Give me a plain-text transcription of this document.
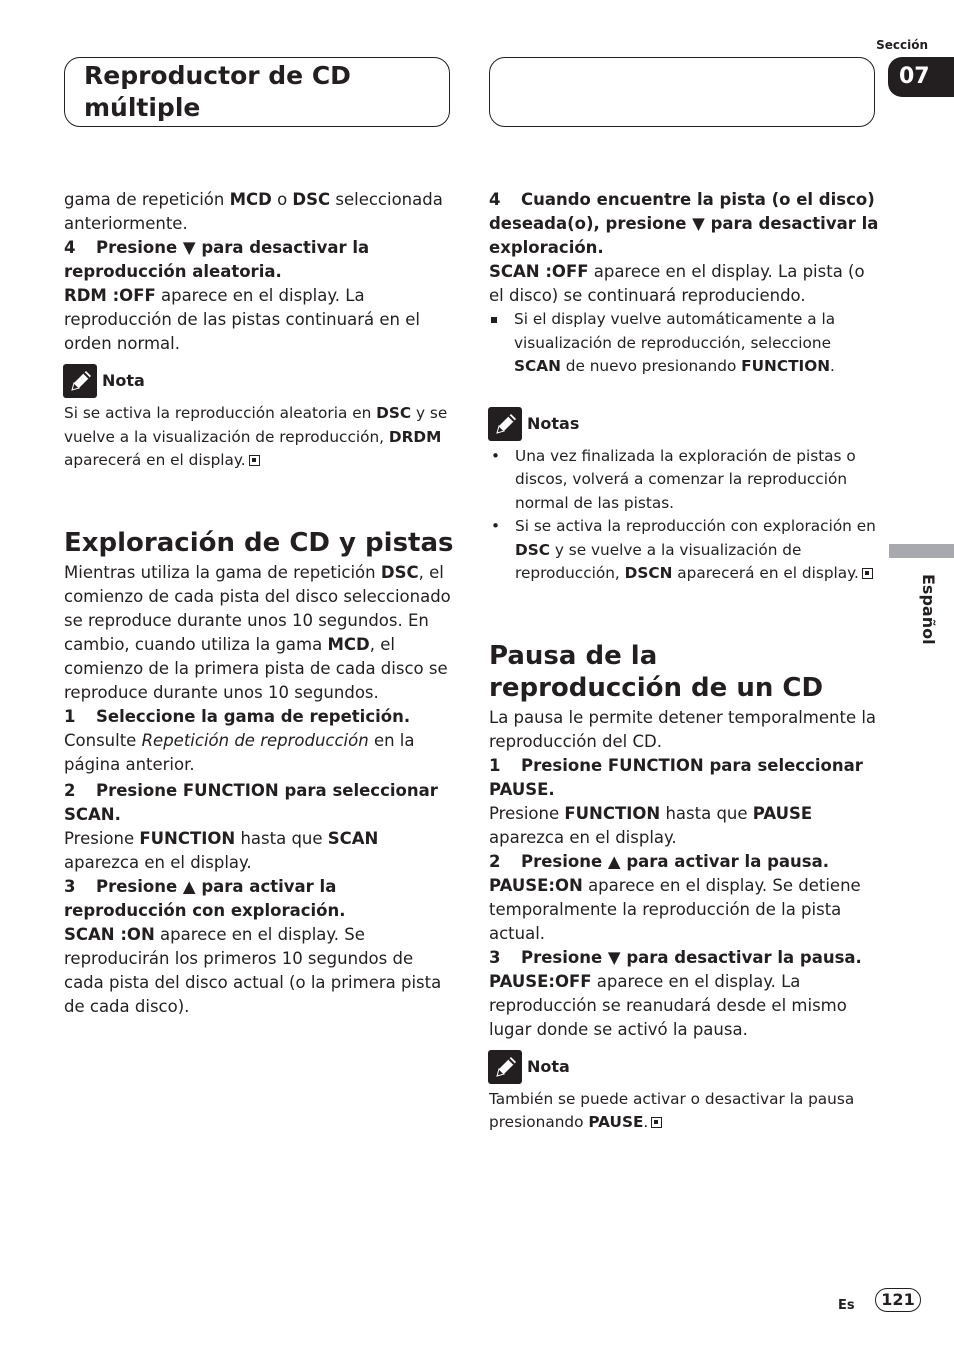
Reproductor de CD múltiple
Sección
07
Español

gama de repetición MCD o DSC seleccionada anteriormente.

4 Presione ▼ para desactivar la reproducción aleatoria.

RDM :OFF aparece en el display. La reproducción de las pistas continuará en el orden normal.

Nota

Si se activa la reproducción aleatoria en DSC y se vuelve a la visualización de reproducción, DRDM aparecerá en el display.

Exploración de CD y pistas

Mientras utiliza la gama de repetición DSC, el comienzo de cada pista del disco seleccionado se reproduce durante unos 10 segundos. En cambio, cuando utiliza la gama MCD, el comienzo de la primera pista de cada disco se reproduce durante unos 10 segundos.

1 Seleccione la gama de repetición.

Consulte Repetición de reproducción en la página anterior.

2 Presione FUNCTION para seleccionar SCAN.

Presione FUNCTION hasta que SCAN aparezca en el display.

3 Presione ▲ para activar la reproducción con exploración.

SCAN :ON aparece en el display. Se reproducirán los primeros 10 segundos de cada pista del disco actual (o la primera pista de cada disco).

4 Cuando encuentre la pista (o el disco) deseada(o), presione ▼ para desactivar la exploración.

SCAN :OFF aparece en el display. La pista (o el disco) se continuará reproduciendo.

Si el display vuelve automáticamente a la visualización de reproducción, seleccione SCAN de nuevo presionando FUNCTION.

Notas
• Una vez finalizada la exploración de pistas o discos, volverá a comenzar la reproducción normal de las pistas.
• Si se activa la reproducción con exploración en DSC y se vuelve a la visualización de reproducción, DSCN aparecerá en el display.
Pausa de la reproducción de un CD

La pausa le permite detener temporalmente la reproducción del CD.

1 Presione FUNCTION para seleccionar PAUSE.

Presione FUNCTION hasta que PAUSE aparezca en el display.

2 Presione ▲ para activar la pausa.

PAUSE:ON aparece en el display. Se detiene temporalmente la reproducción de la pista actual.

3 Presione ▼ para desactivar la pausa.

PAUSE:OFF aparece en el display. La reproducción se reanudará desde el mismo lugar donde se activó la pausa.

Nota

También se puede activar o desactivar la pausa presionando PAUSE.

Es	121
